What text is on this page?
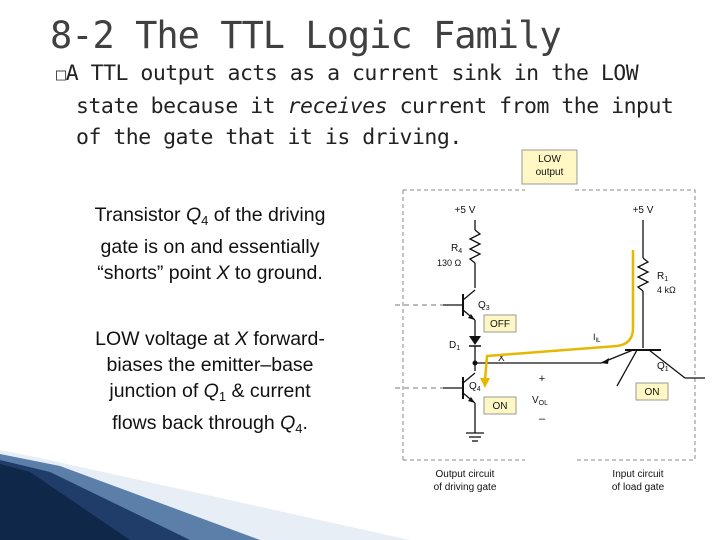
8-2 The TTL Logic Family
□A TTL output acts as a current sink in the LOW
state because it receives current from the input
of the gate that it is driving.
Transistor $Q_4$ of the driving
gate is on and essentially
“shorts” point X to ground.
LOW voltage at X forward-
biases the emitter–base
junction of $Q_1$ & current
flows back through $Q_4$.
LOW
output
+5 V
$R_4$
130 Ω
$Q_3$
OFF
$D_1$
X
$Q_4$
ON
+
$V_{OL}$
–
+5 V
$R_1$
4 kΩ
$Q_1$
ON
$I_{IL}$
Output circuit
of driving gate
Input circuit
of load gate
